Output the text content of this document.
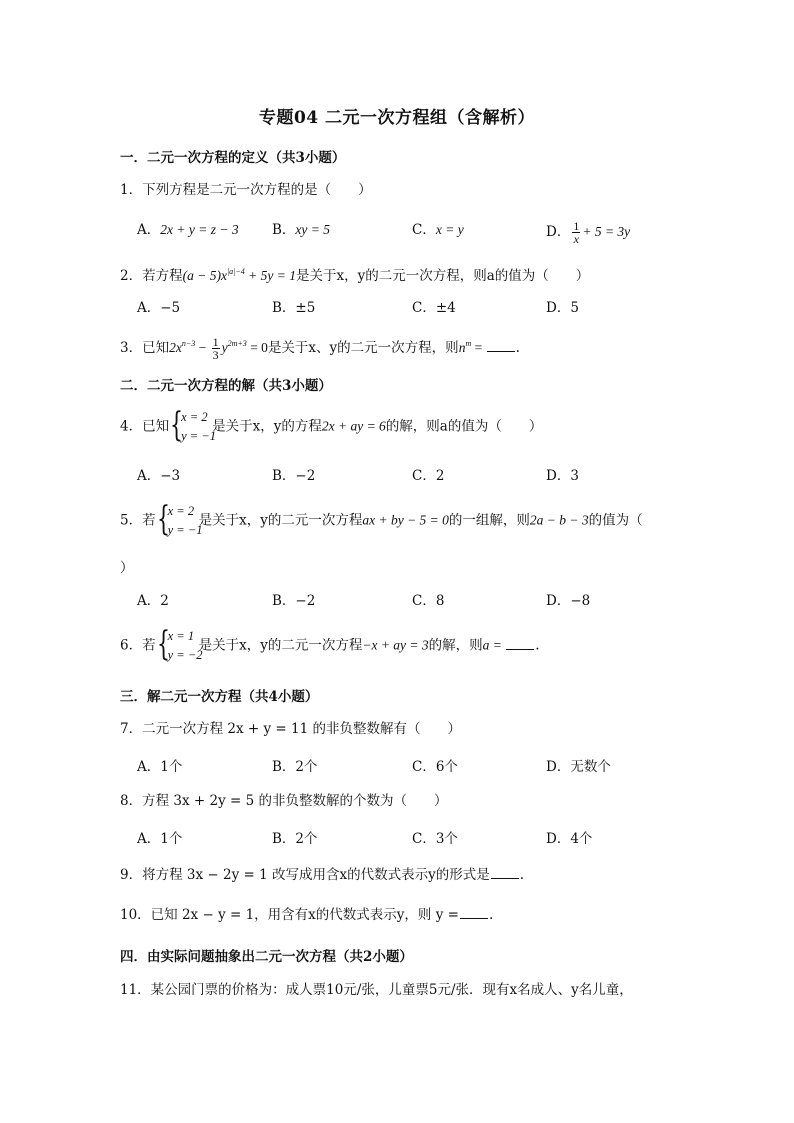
专题04 二元一次方程组（含解析）
一．二元一次方程的定义（共3小题）
1．下列方程是二元一次方程的是（　　）
A．2x + y = z − 3 B．xy = 5	C．x = y	D． $\frac{1}{x} + 5 = 3y$
2．若方程$(a - 5)x^{|a|-4} + 5y = 1$是关于x，y的二元一次方程，则a的值为（　　）
A．−5	B．±5	C．±4	D．5
3．已知$2x^{n-3} - \frac{1}{3} y^{2m+3} = 0$是关于x、y的二元一次方程，则$n^m$ = .
二．二元一次方程的解（共3小题）
4．已知 {
x = 2
y = −1
是关于x，y的方程2x + ay = 6的解，则a的值为（　　）
A．−3	B．−2	C．2	D．3
5．若 {
x = 2
y = −1
是关于x，y的二元一次方程ax + by − 5 = 0的一组解，则2a − b − 3的值为（
）
A．2	B．−2	C．8	D．−8
6．若 {
x = 1
y = −2
是关于x，y的二元一次方程−x + ay = 3的解，则a = .
三．解二元一次方程（共4小题）
7．二元一次方程 2x + y = 11 的非负整数解有（　　）
A．1个	B．2个	C．6个	D．无数个
8．方程 3x + 2y = 5 的非负整数解的个数为（　　）
A．1个	B．2个	C．3个	D．4个
9．将方程 3x − 2y = 1 改写成用含x的代数式表示y的形式是 .
10．已知 2x − y = 1，用含有x的代数式表示y，则 y = .
四．由实际问题抽象出二元一次方程（共2小题）
11．某公园门票的价格为：成人票10元/张，儿童票5元/张．现有x名成人、y名儿童，
